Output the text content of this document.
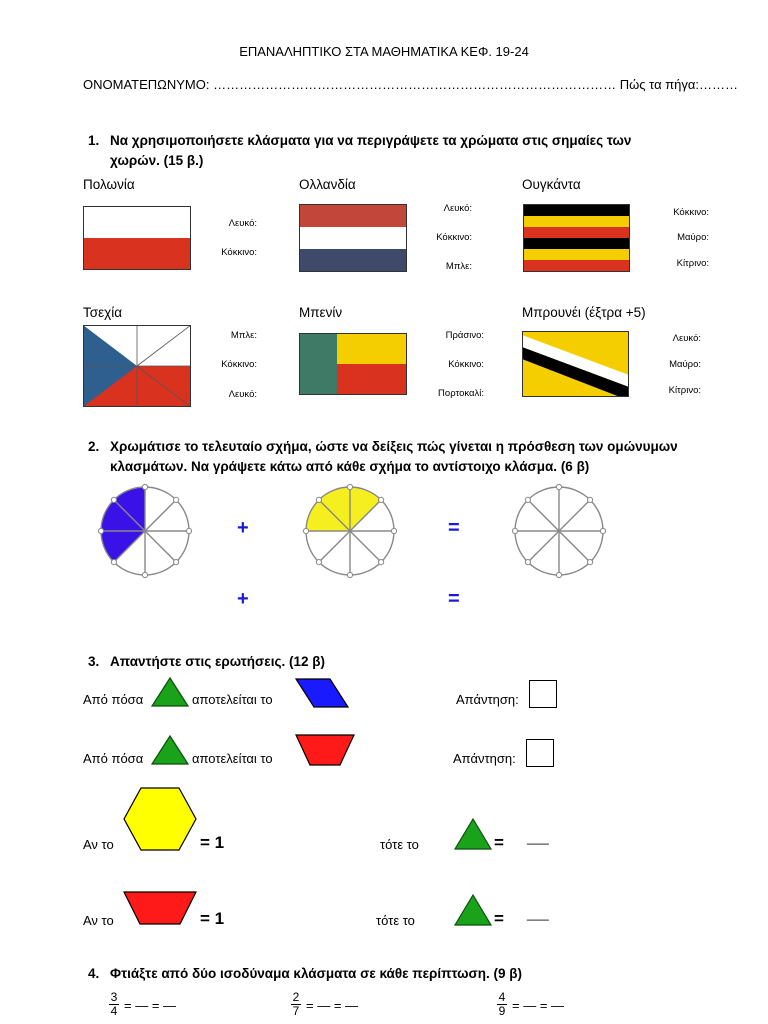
ΕΠΑΝΑΛΗΠΤΙΚΟ ΣΤΑ ΜΑΘΗΜΑΤΙΚΑ ΚΕΦ. 19-24
ΟΝΟΜΑΤΕΠΩΝΥΜΟ: ………………………………………………………………………………… Πώς τα πήγα:………
1. Να χρησιμοποιήσετε κλάσματα για να περιγράψετε τα χρώματα στις σημαίες των χωρών. (15 β.)
Πολωνία
Λευκό:
Κόκκινο:
Ολλανδία
Λευκό:
Κόκκινο:
Μπλε:
Ουγκάντα
Κόκκινο:
Μαύρο:
Κίτρινο:
Τσεχία
Μπλε:
Κόκκινο:
Λευκό:
Μπενίν
Πράσινο:
Κόκκινο:
Πορτοκαλί:
Μπρουνέι (έξτρα +5)
Λευκό:
Μαύρο:
Κίτρινο:
2. Χρωμάτισε το τελευταίο σχήμα, ώστε να δείξεις πώς γίνεται η πρόσθεση των ομώνυμων κλασμάτων. Να γράψετε κάτω από κάθε σχήμα το αντίστοιχο κλάσμα. (6 β)
+	=
+	=
3. Απαντήστε στις ερωτήσεις. (12 β)
Από πόσα	αποτελείται το	Απάντηση:
Από πόσα	αποτελείται το	Απάντηση:
Αν το	= 1	τότε το	= ___
Αν το	= 1	τότε το	= ___
4. Φτιάξτε από δύο ισοδύναμα κλάσματα σε κάθε περίπτωση. (9 β)
3
4 = — = —
2
7 = — = —
4
9 = — = —
